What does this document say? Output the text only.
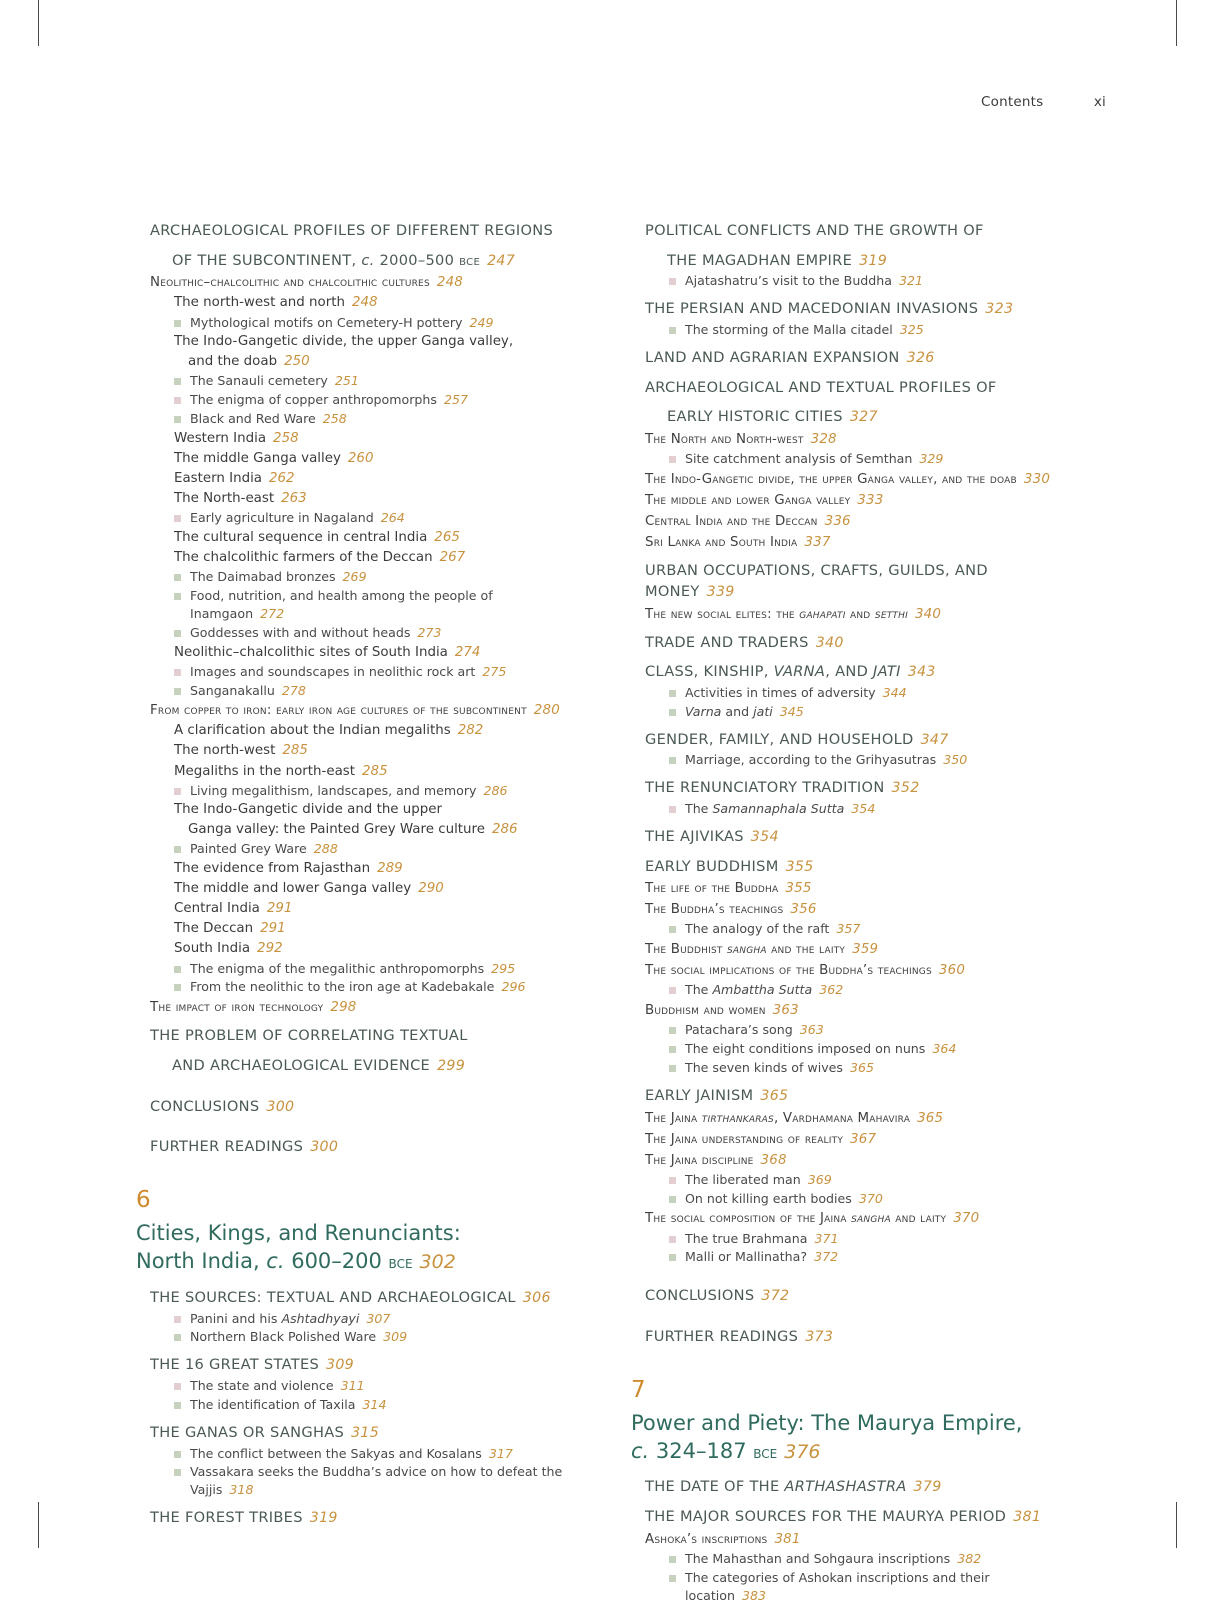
Contents	xi
ARCHAEOLOGICAL PROFILES OF DIFFERENT REGIONS
OF THE SUBCONTINENT, c. 2000–500 bce 247
Neolithic–chalcolithic and chalcolithic cultures 248
The north-west and north 248
Mythological motifs on Cemetery-H pottery 249
The Indo-Gangetic divide, the upper Ganga valley,
and the doab 250
The Sanauli cemetery 251
The enigma of copper anthropomorphs 257
Black and Red Ware 258
Western India 258
The middle Ganga valley 260
Eastern India 262
The North-east 263
Early agriculture in Nagaland 264
The cultural sequence in central India 265
The chalcolithic farmers of the Deccan 267
The Daimabad bronzes 269
Food, nutrition, and health among the people of Inamgaon 272
Goddesses with and without heads 273
Neolithic–chalcolithic sites of South India 274
Images and soundscapes in neolithic rock art 275
Sanganakallu 278
From copper to iron: early iron age cultures of the subcontinent 280
A clarification about the Indian megaliths 282
The north-west 285
Megaliths in the north-east 285
Living megalithism, landscapes, and memory 286
The Indo-Gangetic divide and the upper
Ganga valley: the Painted Grey Ware culture 286
Painted Grey Ware 288
The evidence from Rajasthan 289
The middle and lower Ganga valley 290
Central India 291
The Deccan 291
South India 292
The enigma of the megalithic anthropomorphs 295
From the neolithic to the iron age at Kadebakale 296
The impact of iron technology 298
THE PROBLEM OF CORRELATING TEXTUAL
AND ARCHAEOLOGICAL EVIDENCE 299
CONCLUSIONS 300
FURTHER READINGS 300
6
Cities, Kings, and Renunciants:
North India, c. 600–200 bce 302
THE SOURCES: TEXTUAL AND ARCHAEOLOGICAL 306
Panini and his Ashtadhyayi 307
Northern Black Polished Ware 309
THE 16 GREAT STATES 309
The state and violence 311
The identification of Taxila 314
THE GANAS OR SANGHAS 315
The conflict between the Sakyas and Kosalans 317
Vassakara seeks the Buddha’s advice on how to defeat the Vajjis 318
THE FOREST TRIBES 319
POLITICAL CONFLICTS AND THE GROWTH OF
THE MAGADHAN EMPIRE 319
Ajatashatru’s visit to the Buddha 321
THE PERSIAN AND MACEDONIAN INVASIONS 323
The storming of the Malla citadel 325
LAND AND AGRARIAN EXPANSION 326
ARCHAEOLOGICAL AND TEXTUAL PROFILES OF
EARLY HISTORIC CITIES 327
The North and North-west 328
Site catchment analysis of Semthan 329
The Indo-Gangetic divide, the upper Ganga valley, and the doab 330
The middle and lower Ganga valley 333
Central India and the Deccan 336
Sri Lanka and South India 337
URBAN OCCUPATIONS, CRAFTS, GUILDS, AND MONEY 339
The new social elites: the gahapati and setthi 340
TRADE AND TRADERS 340
CLASS, KINSHIP, VARNA, AND JATI 343
Activities in times of adversity 344
Varna and jati 345
GENDER, FAMILY, AND HOUSEHOLD 347
Marriage, according to the Grihyasutras 350
THE RENUNCIATORY TRADITION 352
The Samannaphala Sutta 354
THE AJIVIKAS 354
EARLY BUDDHISM 355
The life of the Buddha 355
The Buddha’s teachings 356
The analogy of the raft 357
The Buddhist sangha and the laity 359
The social implications of the Buddha’s teachings 360
The Ambattha Sutta 362
Buddhism and women 363
Patachara’s song 363
The eight conditions imposed on nuns 364
The seven kinds of wives 365
EARLY JAINISM 365
The Jaina tirthankaras, Vardhamana Mahavira 365
The Jaina understanding of reality 367
The Jaina discipline 368
The liberated man 369
On not killing earth bodies 370
The social composition of the Jaina sangha and laity 370
The true Brahmana 371
Malli or Mallinatha? 372
CONCLUSIONS 372
FURTHER READINGS 373
7
Power and Piety: The Maurya Empire,
c. 324–187 bce 376
THE DATE OF THE ARTHASHASTRA 379
THE MAJOR SOURCES FOR THE MAURYA PERIOD 381
Ashoka’s inscriptions 381
The Mahasthan and Sohgaura inscriptions 382
The categories of Ashokan inscriptions and their location 383
